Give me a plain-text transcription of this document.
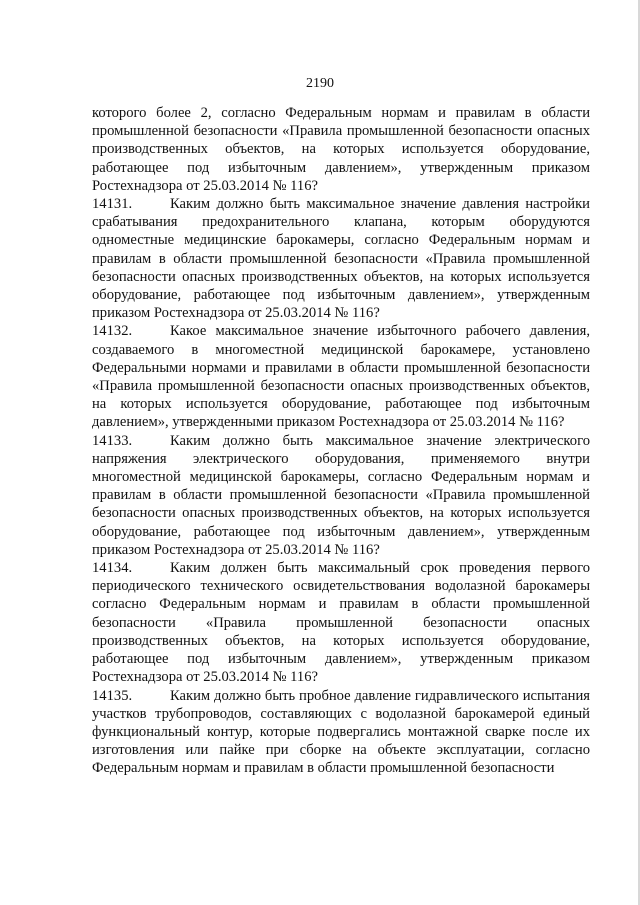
2190

которого более 2, согласно Федеральным нормам и правилам в области промышленной безопасности «Правила промышленной безопасности опасных производственных объектов, на которых используется оборудование, работающее под избыточным давлением», утвержденным приказом Ростехнадзора от 25.03.2014 № 116?

14131.	Каким должно быть максимальное значение давления настройки срабатывания предохранительного клапана, которым оборудуются одноместные медицинские барокамеры, согласно Федеральным нормам и правилам в области промышленной безопасности «Правила промышленной безопасности опасных производственных объектов, на которых используется оборудование, работающее под избыточным давлением», утвержденным приказом Ростехнадзора от 25.03.2014 № 116?

14132.	Какое максимальное значение избыточного рабочего давления, создаваемого в многоместной медицинской барокамере, установлено Федеральными нормами и правилами в области промышленной безопасности «Правила промышленной безопасности опасных производственных объектов, на которых используется оборудование, работающее под избыточным давлением», утвержденными приказом Ростехнадзора от 25.03.2014 № 116?

14133.	Каким должно быть максимальное значение электрического напряжения электрического оборудования, применяемого внутри многоместной медицинской барокамеры, согласно Федеральным нормам и правилам в области промышленной безопасности «Правила промышленной безопасности опасных производственных объектов, на которых используется оборудование, работающее под избыточным давлением», утвержденным приказом Ростехнадзора от 25.03.2014 № 116?

14134.	Каким должен быть максимальный срок проведения первого периодического технического освидетельствования водолазной барокамеры согласно Федеральным нормам и правилам в области промышленной безопасности «Правила промышленной безопасности опасных производственных объектов, на которых используется оборудование, работающее под избыточным давлением», утвержденным приказом Ростехнадзора от 25.03.2014 № 116?

14135.	Каким должно быть пробное давление гидравлического испытания участков трубопроводов, составляющих с водолазной барокамерой единый функциональный контур, которые подвергались монтажной сварке после их изготовления или пайке при сборке на объекте эксплуатации, согласно Федеральным нормам и правилам в области промышленной безопасности
